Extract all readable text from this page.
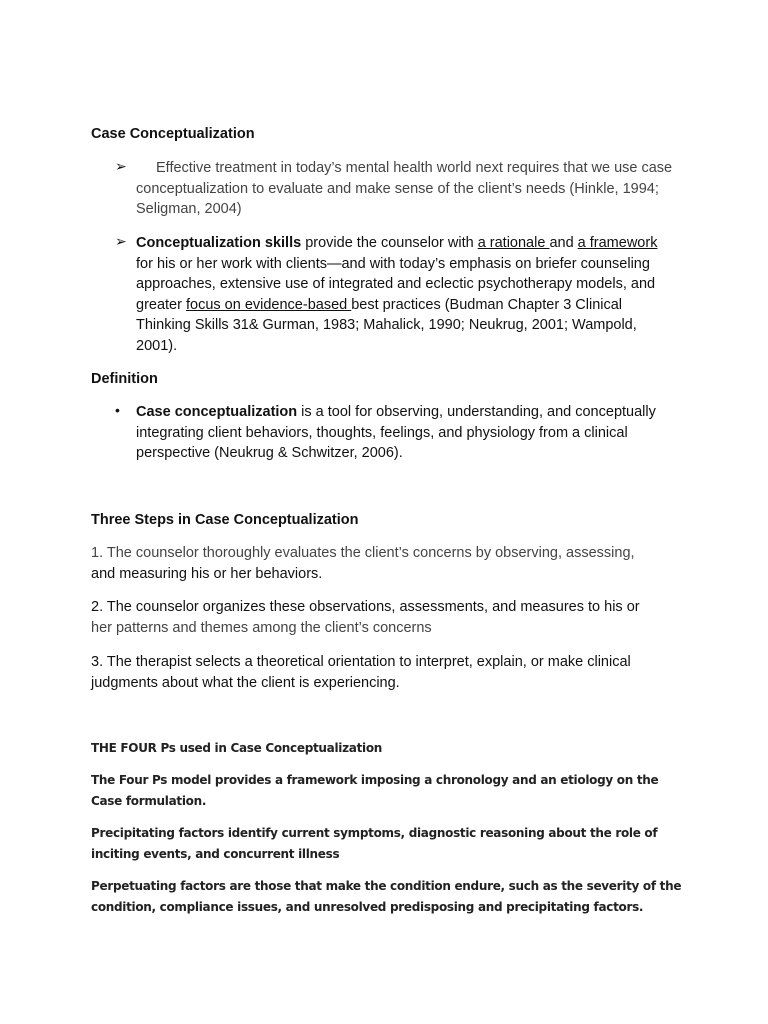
Case Conceptualization
➢	Effective treatment in today’s mental health world next requires that we use case conceptualization to evaluate and make sense of the client’s needs (Hinkle, 1994; Seligman, 2004)
➢ Conceptualization skills provide the counselor with a rationale and a framework for his or her work with clients—and with today’s emphasis on briefer counseling approaches, extensive use of integrated and eclectic psychotherapy models, and greater focus on evidence-based best practices (Budman Chapter 3 Clinical Thinking Skills 31& Gurman, 1983; Mahalick, 1990; Neukrug, 2001; Wampold, 2001).
Definition
• Case conceptualization is a tool for observing, understanding, and conceptually integrating client behaviors, thoughts, feelings, and physiology from a clinical perspective (Neukrug & Schwitzer, 2006).
Three Steps in Case Conceptualization
1. The counselor thoroughly evaluates the client’s concerns by observing, assessing,
and measuring his or her behaviors.
2. The counselor organizes these observations, assessments, and measures to his or
her patterns and themes among the client’s concerns
3. The therapist selects a theoretical orientation to interpret, explain, or make clinical judgments about what the client is experiencing.
THE FOUR Ps used in Case Conceptualization
The Four Ps model provides a framework imposing a chronology and an etiology on the Case formulation.
Precipitating factors identify current symptoms, diagnostic reasoning about the role of inciting events, and concurrent illness
Perpetuating factors are those that make the condition endure, such as the severity of the condition, compliance issues, and unresolved predisposing and precipitating factors.
